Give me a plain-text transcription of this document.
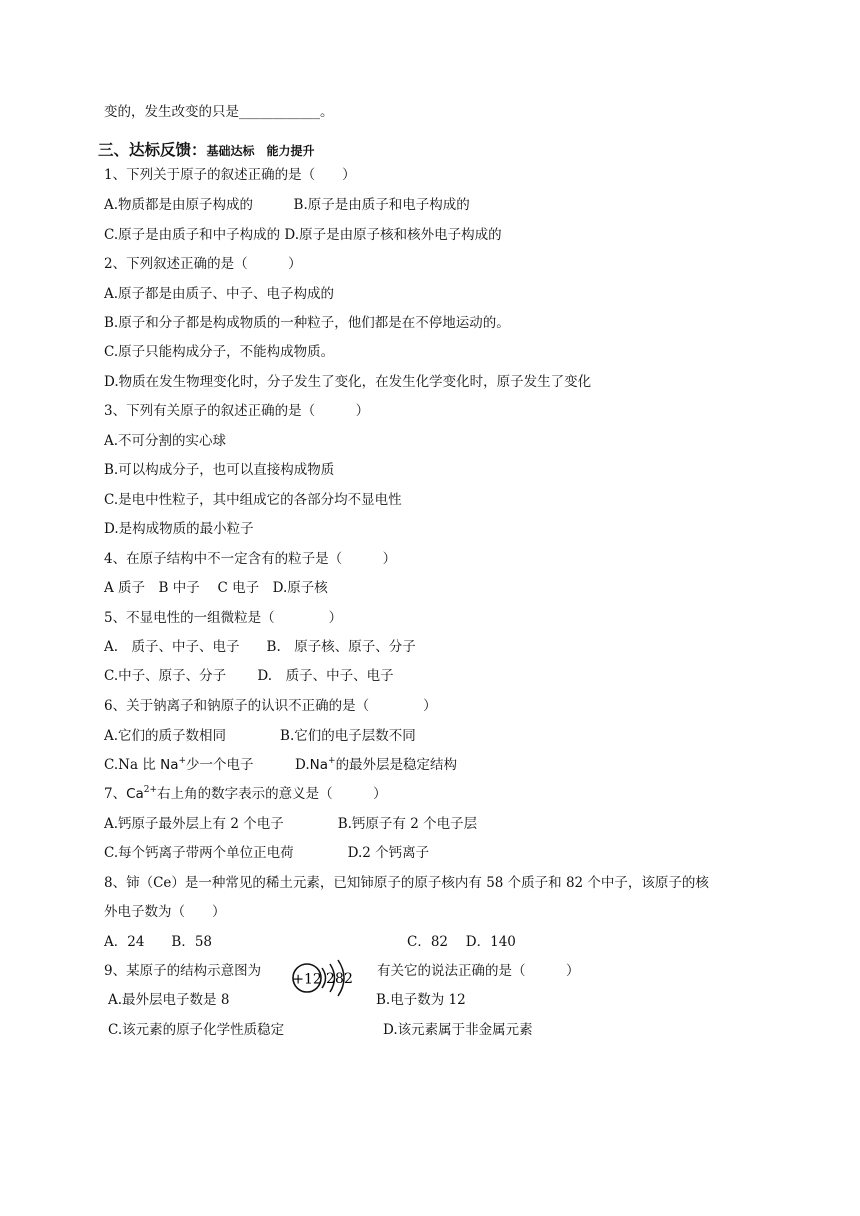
变的，发生改变的只是____________。
三、达标反馈：基础达标　能力提升
1、下列关于原子的叙述正确的是（　　）
A.物质都是由原子构成的　　　B.原子是由质子和电子构成的
C.原子是由质子和中子构成的 D.原子是由原子核和核外电子构成的
2、下列叙述正确的是（　　　）
A.原子都是由质子、中子、电子构成的
B.原子和分子都是构成物质的一种粒子，他们都是在不停地运动的。
C.原子只能构成分子，不能构成物质。
D.物质在发生物理变化时，分子发生了变化，在发生化学变化时，原子发生了变化
3、下列有关原子的叙述正确的是（　　　）
A.不可分割的实心球
B.可以构成分子，也可以直接构成物质
C.是电中性粒子，其中组成它的各部分均不显电性
D.是构成物质的最小粒子
4、在原子结构中不一定含有的粒子是（　　　）
A 质子　B 中子　 C 电子　D.原子核
5、不显电性的一组微粒是（　　　　）
A.　质子、中子、电子　　B.　原子核、原子、分子
C.中子、原子、分子　　 D.　质子、中子、电子
6、关于钠离子和钠原子的认识不正确的是（　　　　）
A.它们的质子数相同　　　　B.它们的电子层数不同
C.Na 比 Na+少一个电子	D.Na+的最外层是稳定结构
7、$Ca^{2+}$右上角的数字表示的意义是（　　　）
A.钙原子最外层上有 2 个电子　　　　B.钙原子有 2 个电子层
C.每个钙离子带两个单位正电荷　　　　D.2 个钙离子
8、铈（Ce）是一种常见的稀土元素，已知铈原子的原子核内有 58 个质子和 82 个中子，该原子的核
外电子数为（　　）
A．24　　B．58	C．82　 D．140
9、某原子的结构示意图为
+12 2 8 2 有关它的说法正确的是（　　　）
A.最外层电子数是 8	B.电子数为 12
C.该元素的原子化学性质稳定	D.该元素属于非金属元素
